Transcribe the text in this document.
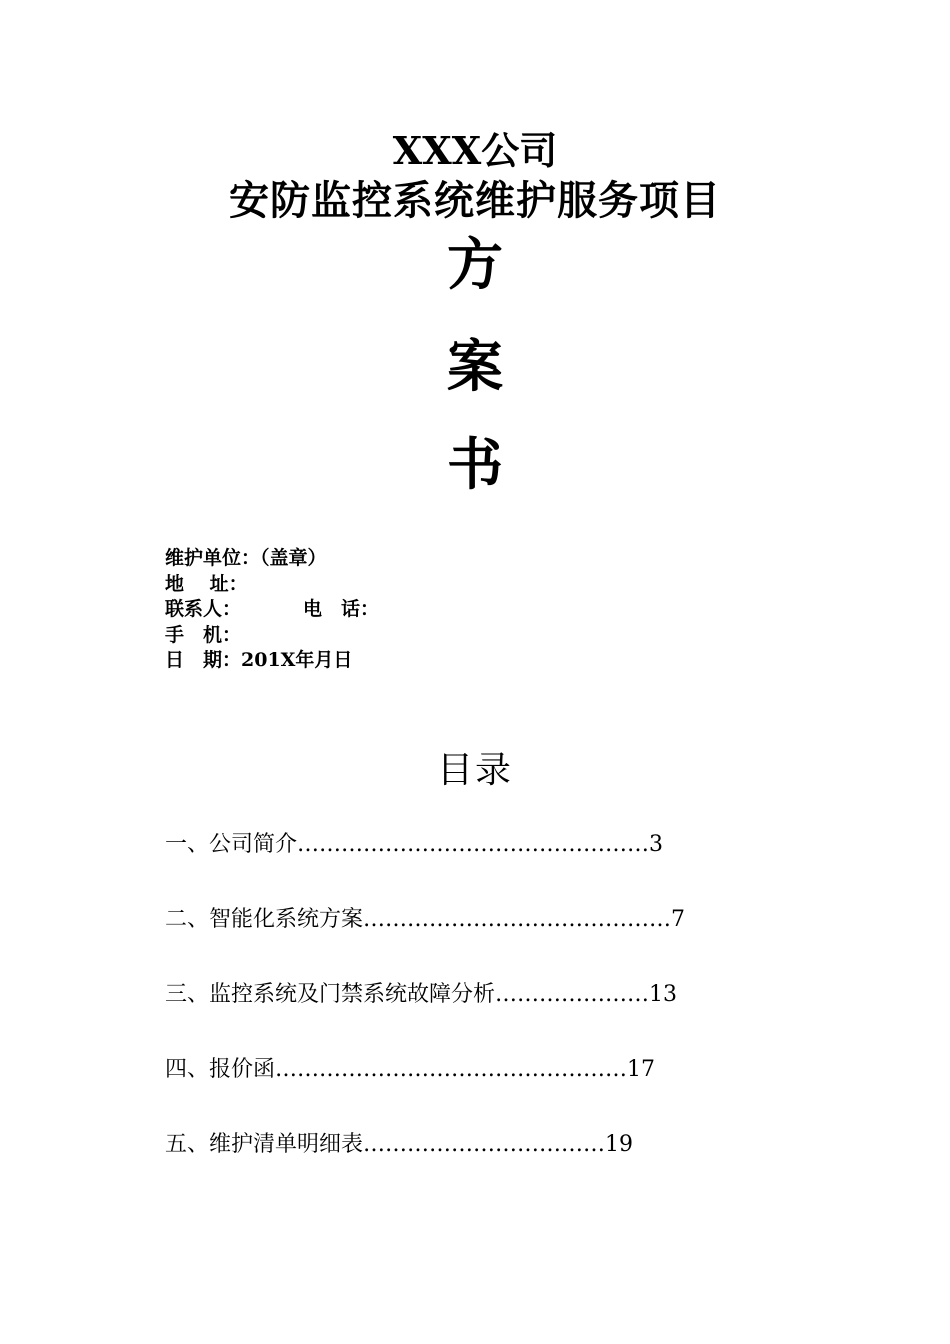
XXX公司
安防监控系统维护服务项目
方
案
书
维护单位：（盖章）
地　 址：
联系人：	电　话：
手　机：
日　期：201X年月日
目录
一、公司简介…………………………………………3
二、智能化系统方案……………………………………7
三、监控系统及门禁系统故障分析…………………13
四、报价函…………………………………………17
五、维护清单明细表……………………………19
